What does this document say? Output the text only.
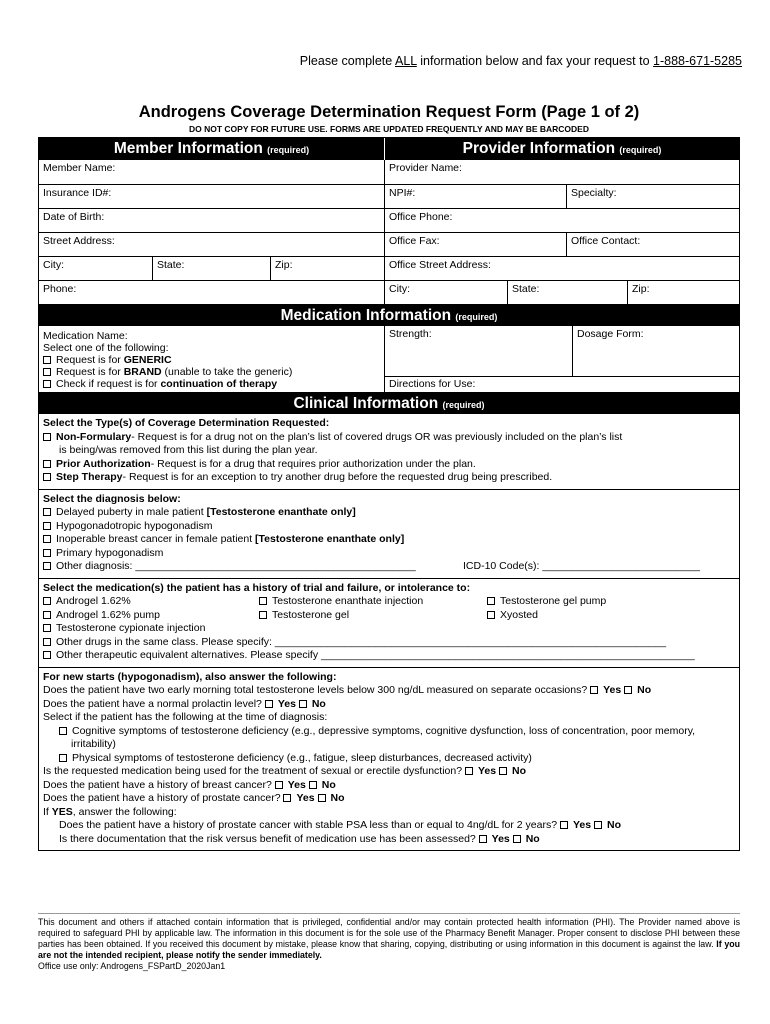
Please complete ALL information below and fax your request to 1-888-671-5285
Androgens Coverage Determination Request Form (Page 1 of 2)
DO NOT COPY FOR FUTURE USE. FORMS ARE UPDATED FREQUENTLY AND MAY BE BARCODED
Member Information (required)	Provider Information (required)
Member Name:
Insurance ID#:
Date of Birth:
Street Address:
City:	State:	Zip:
Phone:
Provider Name:
NPI#:	Specialty:
Office Phone:
Office Fax:	Office Contact:
Office Street Address:
City:	State:	Zip:
Medication Information (required)
Medication Name:
Select one of the following:
Request is for GENERIC
Request is for BRAND (unable to take the generic)
Check if request is for continuation of therapy
Strength:	Dosage Form:
Directions for Use:
Clinical Information (required)
Select the Type(s) of Coverage Determination Requested:
Non-Formulary- Request is for a drug not on the plan’s list of covered drugs OR was previously included on the plan’s list
is being/was removed from this list during the plan year.
Prior Authorization- Request is for a drug that requires prior authorization under the plan.
Step Therapy- Request is for an exception to try another drug before the requested drug being prescribed.
Select the diagnosis below:
Delayed puberty in male patient [Testosterone enanthate only]
Hypogonadotropic hypogonadism
Inoperable breast cancer in female patient [Testosterone enanthate only]
Primary hypogonadism
Other diagnosis: ________________________________________________	ICD-10 Code(s): ___________________________
Select the medication(s) the patient has a history of trial and failure, or intolerance to:
Androgel 1.62%	Testosterone enanthate injection	Testosterone gel pump
Androgel 1.62% pump	Testosterone gel	Xyosted
Testosterone cypionate injection
Other drugs in the same class. Please specify: ___________________________________________________________________
Other therapeutic equivalent alternatives. Please specify ________________________________________________________________
For new starts (hypogonadism), also answer the following:
Does the patient have two early morning total testosterone levels below 300 ng/dL measured on separate occasions? Yes No
Does the patient have a normal prolactin level? Yes No
Select if the patient has the following at the time of diagnosis:
Cognitive symptoms of testosterone deficiency (e.g., depressive symptoms, cognitive dysfunction, loss of concentration, poor memory,
irritability)
Physical symptoms of testosterone deficiency (e.g., fatigue, sleep disturbances, decreased activity)
Is the requested medication being used for the treatment of sexual or erectile dysfunction? Yes No
Does the patient have a history of breast cancer? Yes No
Does the patient have a history of prostate cancer? Yes No
If YES, answer the following:
Does the patient have a history of prostate cancer with stable PSA less than or equal to 4ng/dL for 2 years? Yes No
Is there documentation that the risk versus benefit of medication use has been assessed? Yes No
This document and others if attached contain information that is privileged, confidential and/or may contain protected health information (PHI). The Provider named above is required to safeguard PHI by applicable law. The information in this document is for the sole use of the Pharmacy Benefit Manager. Proper consent to disclose PHI between these parties has been obtained. If you received this document by mistake, please know that sharing, copying, distributing or using information in this document is against the law. If you are not the intended recipient, please notify the sender immediately.
Office use only: Androgens_FSPartD_2020Jan1
